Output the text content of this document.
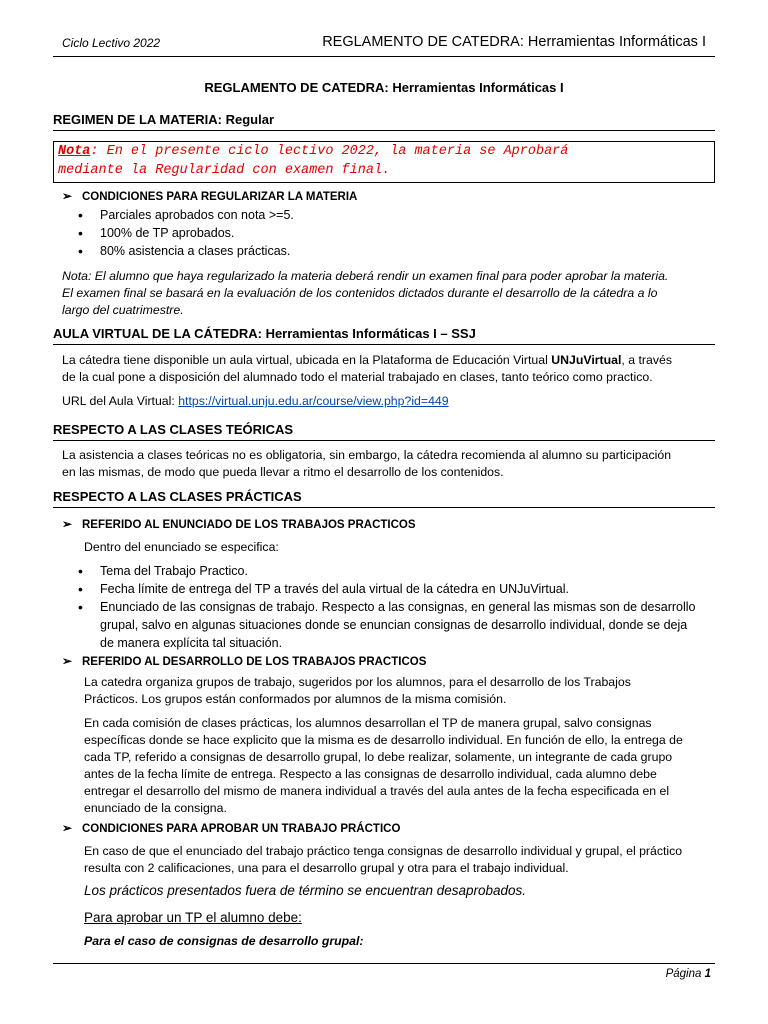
Ciclo Lectivo 2022	REGLAMENTO DE CATEDRA: Herramientas Informáticas I
REGLAMENTO DE CATEDRA: Herramientas Informáticas I
REGIMEN DE LA MATERIA: Regular
Nota: En el presente ciclo lectivo 2022, la materia se Aprobará
mediante la Regularidad con examen final.
➢ CONDICIONES PARA REGULARIZAR LA MATERIA
• Parciales aprobados con nota >=5.
• 100% de TP aprobados.
• 80% asistencia a clases prácticas.
Nota: El alumno que haya regularizado la materia deberá rendir un examen final para poder aprobar la materia.
El examen final se basará en la evaluación de los contenidos dictados durante el desarrollo de la cátedra a lo
largo del cuatrimestre.
AULA VIRTUAL DE LA CÁTEDRA: Herramientas Informáticas I – SSJ
La cátedra tiene disponible un aula virtual, ubicada en la Plataforma de Educación Virtual UNJuVirtual, a través
de la cual pone a disposición del alumnado todo el material trabajado en clases, tanto teórico como practico.
URL del Aula Virtual: https://virtual.unju.edu.ar/course/view.php?id=449
RESPECTO A LAS CLASES TEÓRICAS
La asistencia a clases teóricas no es obligatoria, sin embargo, la cátedra recomienda al alumno su participación
en las mismas, de modo que pueda llevar a ritmo el desarrollo de los contenidos.
RESPECTO A LAS CLASES PRÁCTICAS
➢ REFERIDO AL ENUNCIADO DE LOS TRABAJOS PRACTICOS
Dentro del enunciado se especifica:
• Tema del Trabajo Practico.
• Fecha límite de entrega del TP a través del aula virtual de la cátedra en UNJuVirtual.
• Enunciado de las consignas de trabajo. Respecto a las consignas, en general las mismas son de desarrollo
grupal, salvo en algunas situaciones donde se enuncian consignas de desarrollo individual, donde se deja
de manera explícita tal situación.
➢ REFERIDO AL DESARROLLO DE LOS TRABAJOS PRACTICOS
La catedra organiza grupos de trabajo, sugeridos por los alumnos, para el desarrollo de los Trabajos
Prácticos. Los grupos están conformados por alumnos de la misma comisión.
En cada comisión de clases prácticas, los alumnos desarrollan el TP de manera grupal, salvo consignas
específicas donde se hace explicito que la misma es de desarrollo individual. En función de ello, la entrega de
cada TP, referido a consignas de desarrollo grupal, lo debe realizar, solamente, un integrante de cada grupo
antes de la fecha límite de entrega. Respecto a las consignas de desarrollo individual, cada alumno debe
entregar el desarrollo del mismo de manera individual a través del aula antes de la fecha especificada en el
enunciado de la consigna.
➢ CONDICIONES PARA APROBAR UN TRABAJO PRÁCTICO
En caso de que el enunciado del trabajo práctico tenga consignas de desarrollo individual y grupal, el práctico
resulta con 2 calificaciones, una para el desarrollo grupal y otra para el trabajo individual.
Los prácticos presentados fuera de término se encuentran desaprobados.
Para aprobar un TP el alumno debe:
Para el caso de consignas de desarrollo grupal:
Página 1
